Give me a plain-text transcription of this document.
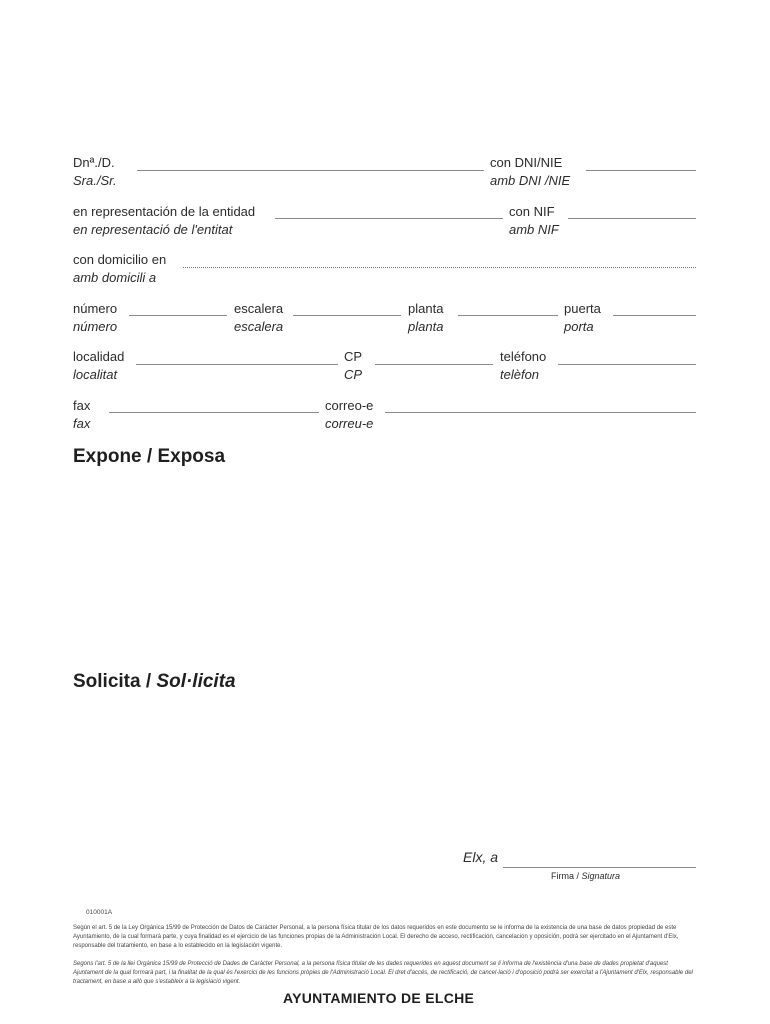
Dnª./D.
Sra./Sr.
con DNI/NIE
amb DNI /NIE
en representación de la entidad
en representació de l'entitat
con NIF
amb NIF
con domicilio en
amb domicili a
número
número
escalera
escalera
planta
planta
puerta
porta
localidad
localitat
CP
CP
teléfono
telèfon
fax
fax
correo-e
correu-e
Expone / Exposa
Solicita / Sol·licita
Elx, a
Firma / Signatura
010001A
Según el art. 5 de la Ley Orgánica 15/99 de Protección de Datos de Carácter Personal, a la persona física titular de los datos requeridos en este documento se le informa de la existencia de una base de datos propiedad de este Ayuntamiento, de la cual formará parte, y cuya finalidad es el ejercicio de las funciones propias de la Administración Local. El derecho de acceso, rectificación, cancelación y oposición, podrá ser ejercitado en el Ajuntament d'Elx, responsable del tratamiento, en base a lo establecido en la legislación vigente.
Segons l'art. 5 de la llei Orgànica 15/99 de Protecció de Dades de Caràcter Personal, a la persona física titular de les dades requerides en aquest document se li informa de l'existència d'una base de dades propietat d'aquest Ajuntament de la qual formarà part, i la finalitat de la qual és l'exercici de les funcions pròpies de l'Administració Local. El dret d'accés, de rectificació, de cancel·lació i d'oposició podrà ser exercitat a l'Ajuntament d'Elx, responsable del tractament, en base a allò que s'estableix a la legislació vigent.
AYUNTAMIENTO DE ELCHE
